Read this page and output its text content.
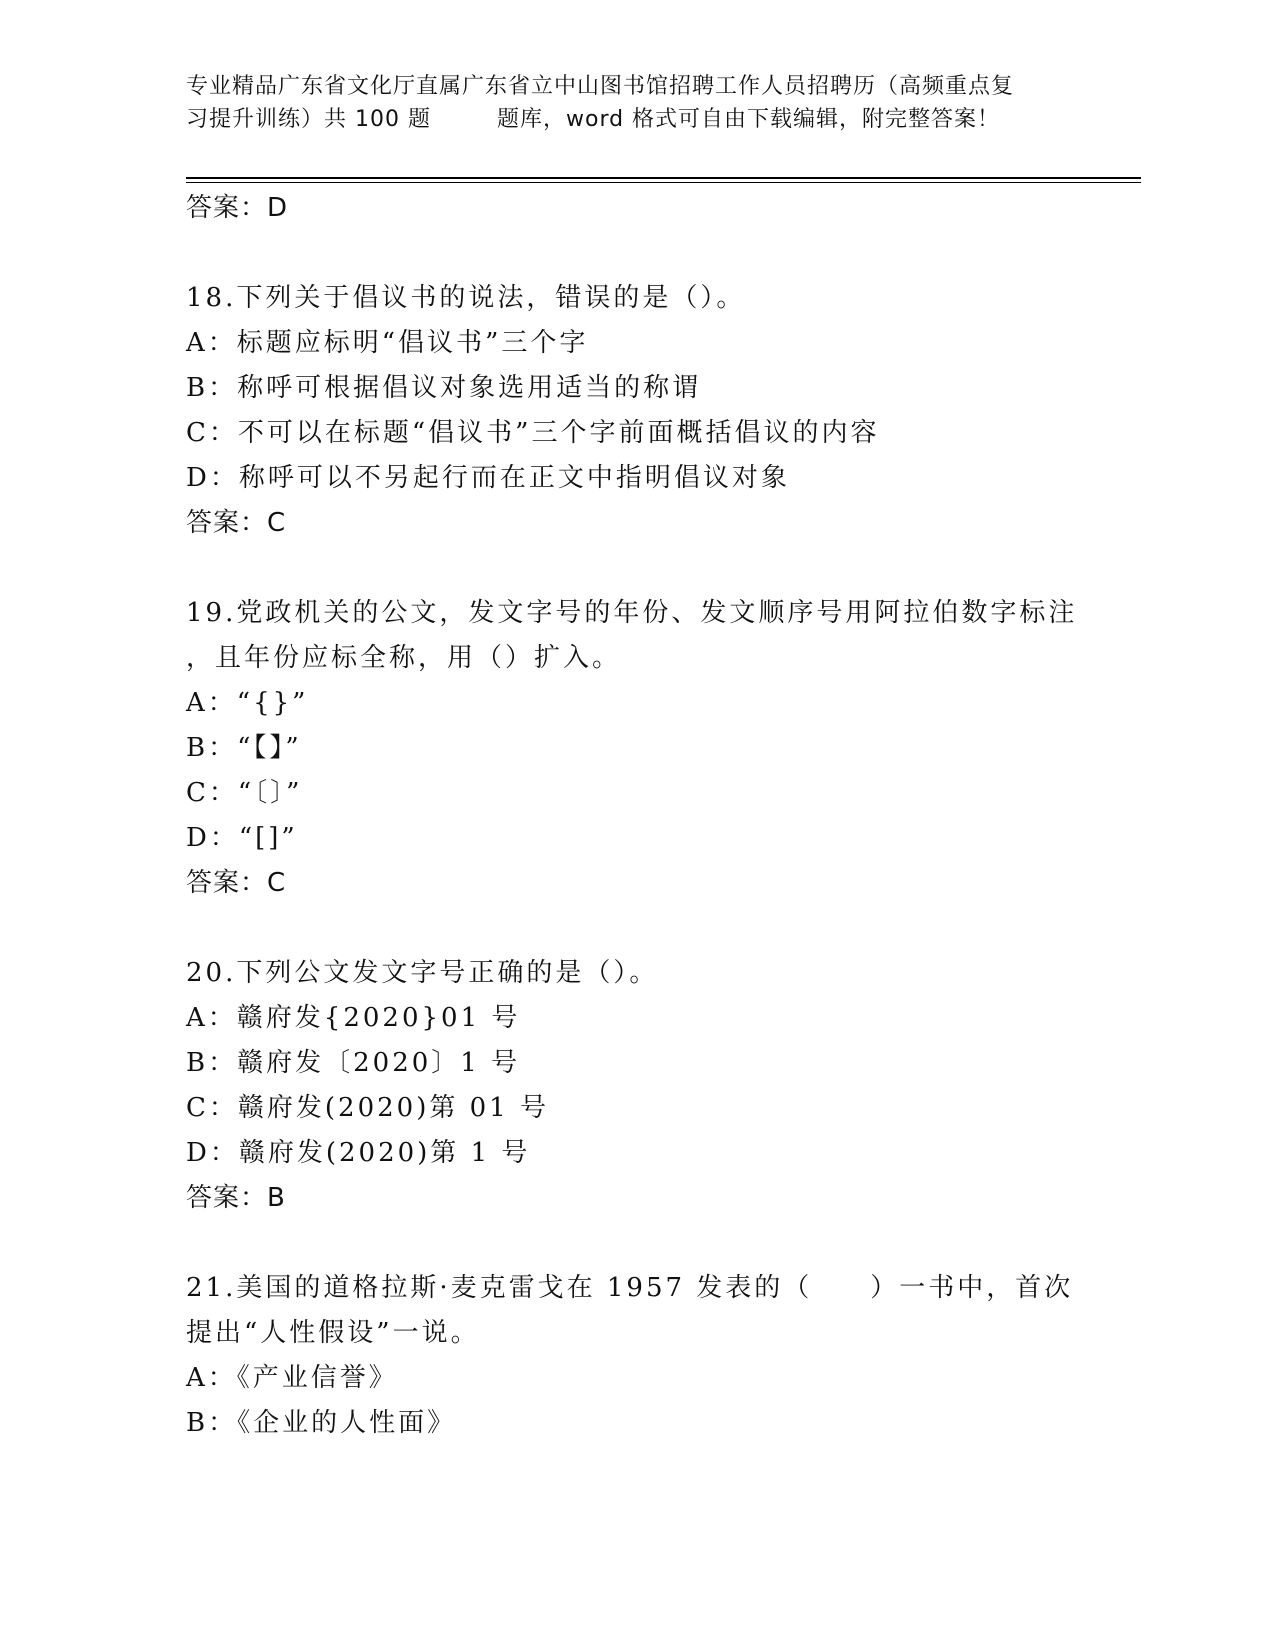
专业精品广东省文化厅直属广东省立中山图书馆招聘工作人员招聘历（高频重点复

习提升训练）共 100 题	题库，word 格式可自由下载编辑，附完整答案！
答案：D
18.下列关于倡议书的说法，错误的是（）。
A：标题应标明“倡议书”三个字
B：称呼可根据倡议对象选用适当的称谓
C：不可以在标题“倡议书”三个字前面概括倡议的内容
D：称呼可以不另起行而在正文中指明倡议对象
答案：C
19.党政机关的公文，发文字号的年份、发文顺序号用阿拉伯数字标注
，且年份应标全称，用（）扩入。
A：“{}”
B：“【】”
C：“〔〕”
D：“[]”
答案：C
20.下列公文发文字号正确的是（）。
A：赣府发{2020}01 号
B：赣府发〔2020〕1 号
C：赣府发(2020)第 01 号
D：赣府发(2020)第 1 号
答案：B
21.美国的道格拉斯·麦克雷戈在 1957 发表的（　　）一书中，首次
提出“人性假设”一说。
A：《产业信誉》
B：《企业的人性面》
